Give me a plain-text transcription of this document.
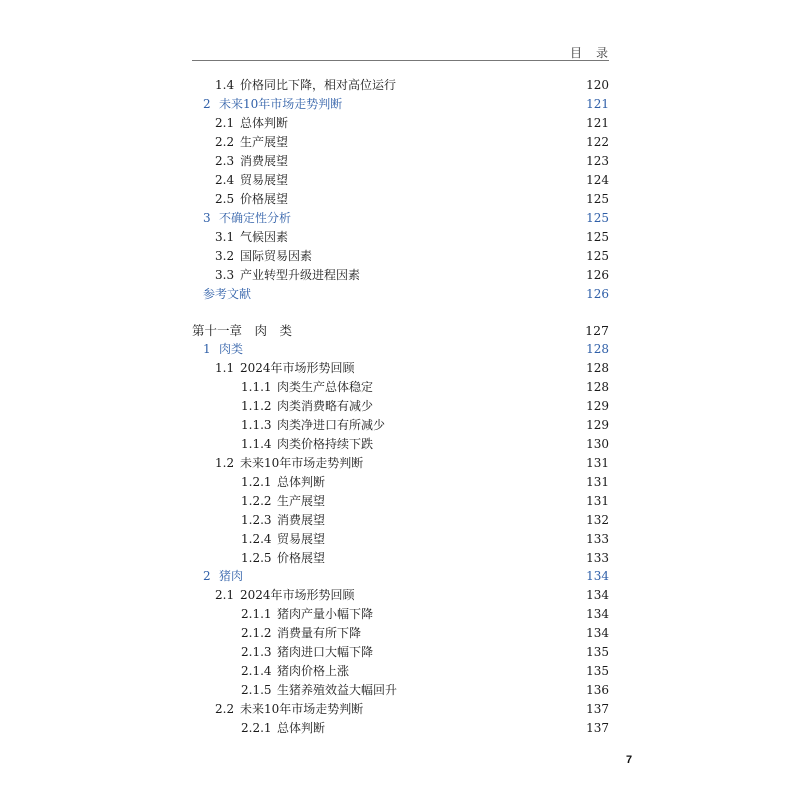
目　录
1.4 价格同比下降，相对高位运行	120
2 未来10年市场走势判断	121
2.1 总体判断	121
2.2 生产展望	122
2.3 消费展望	123
2.4 贸易展望	124
2.5 价格展望	125
3 不确定性分析	125
3.1 气候因素	125
3.2 国际贸易因素	125
3.3 产业转型升级进程因素	126
参考文献	126
第十一章　肉　类	127
1 肉类	128
1.1 2024年市场形势回顾	128
1.1.1 肉类生产总体稳定	128
1.1.2 肉类消费略有减少	129
1.1.3 肉类净进口有所减少	129
1.1.4 肉类价格持续下跌	130
1.2 未来10年市场走势判断	131
1.2.1 总体判断	131
1.2.2 生产展望	131
1.2.3 消费展望	132
1.2.4 贸易展望	133
1.2.5 价格展望	133
2 猪肉	134
2.1 2024年市场形势回顾	134
2.1.1 猪肉产量小幅下降	134
2.1.2 消费量有所下降	134
2.1.3 猪肉进口大幅下降	135
2.1.4 猪肉价格上涨	135
2.1.5 生猪养殖效益大幅回升	136
2.2 未来10年市场走势判断	137
2.2.1 总体判断	137
7
